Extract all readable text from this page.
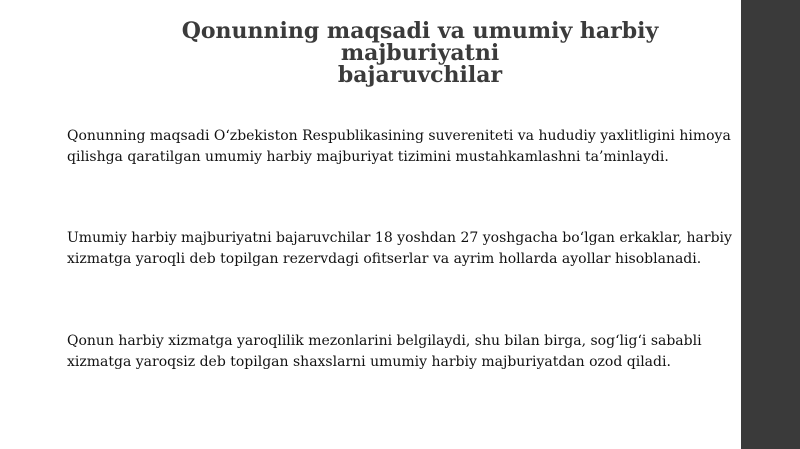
Qonunning maqsadi va umumiy harbiy majburiyatni
bajaruvchilar

Qonunning maqsadi O‘zbekiston Respublikasining suvereniteti va hududiy yaxlitligini himoya
qilishga qaratilgan umumiy harbiy majburiyat tizimini mustahkamlashni ta’minlaydi.

Umumiy harbiy majburiyatni bajaruvchilar 18 yoshdan 27 yoshgacha bo‘lgan erkaklar, harbiy
xizmatga yaroqli deb topilgan rezervdagi ofitserlar va ayrim hollarda ayollar hisoblanadi.

Qonun harbiy xizmatga yaroqlilik mezonlarini belgilaydi, shu bilan birga, sog‘lig‘i sababli
xizmatga yaroqsiz deb topilgan shaxslarni umumiy harbiy majburiyatdan ozod qiladi.
